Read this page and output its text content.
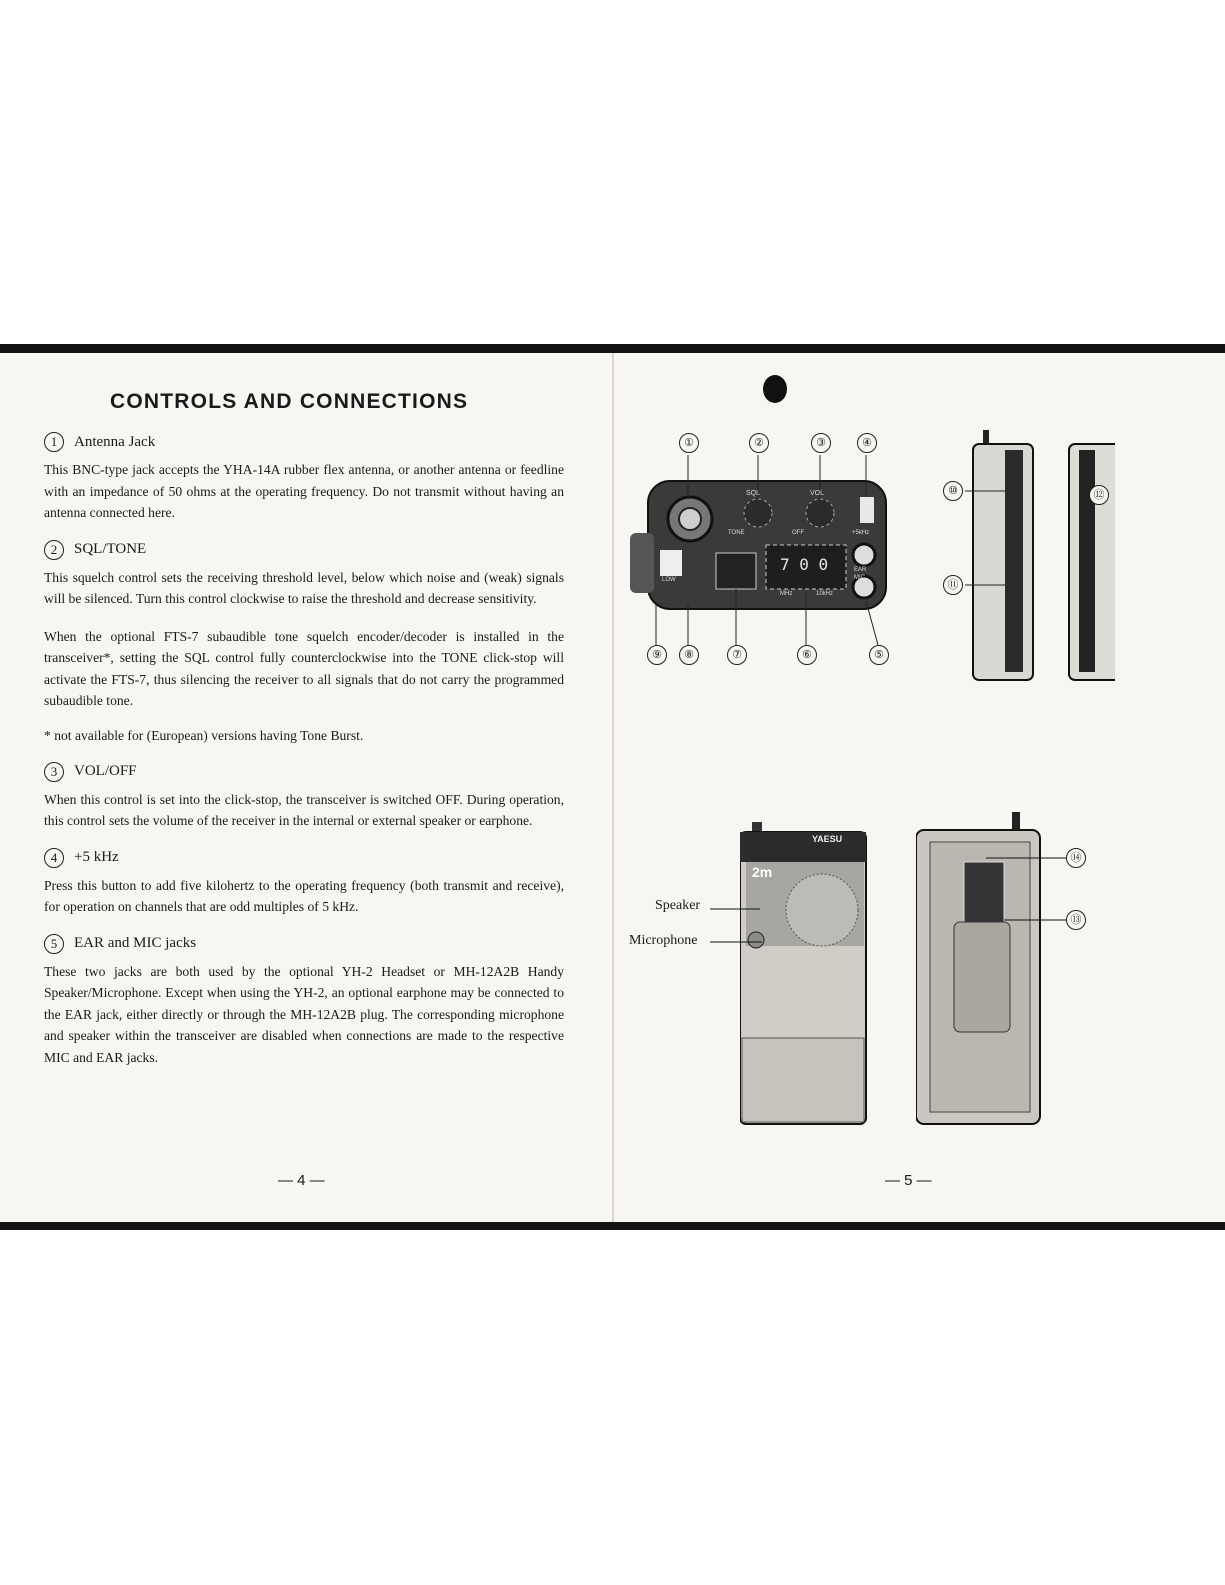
CONTROLS AND CONNECTIONS
1	Antenna Jack

This BNC-type jack accepts the YHA-14A rubber flex antenna, or another antenna or feedline with an impedance of 50 ohms at the operating frequency. Do not transmit without having an antenna connected here.

2	SQL/TONE

This squelch control sets the receiving threshold level, below which noise and (weak) signals will be silenced. Turn this control clockwise to raise the threshold and decrease sensitivity.

When the optional FTS-7 subaudible tone squelch encoder/decoder is installed in the transceiver*, setting the SQL control fully counterclockwise into the TONE click-stop will activate the FTS-7, thus silencing the receiver to all signals that do not carry the programmed subaudible tone.

* not available for (European) versions having Tone Burst.

3	VOL/OFF

When this control is set into the click-stop, the transceiver is switched OFF. During operation, this control sets the volume of the receiver in the internal or external speaker or earphone.

4	+5 kHz

Press this button to add five kilohertz to the operating frequency (both transmit and receive), for operation on channels that are odd multiples of 5 kHz.

5	EAR and MIC jacks

These two jacks are both used by the optional YH-2 Headset or MH-12A2B Handy Speaker/Microphone. Except when using the YH-2, an optional earphone may be connected to the EAR jack, either directly or through the MH-12A2B plug. The corresponding microphone and speaker within the transceiver are disabled when connections are made to the respective MIC and EAR jacks.

— 4 —	— 5 —
7 0 0
SQL	VOL
TONE	OFF	+5kHz
EAR
MIC
LOW
MHz	10kHz
①	②	③	④
⑤
⑥
⑦
⑧
⑨
⑩
⑪
⑫
YAESU
2m
Speaker
Microphone
⑭
⑬
